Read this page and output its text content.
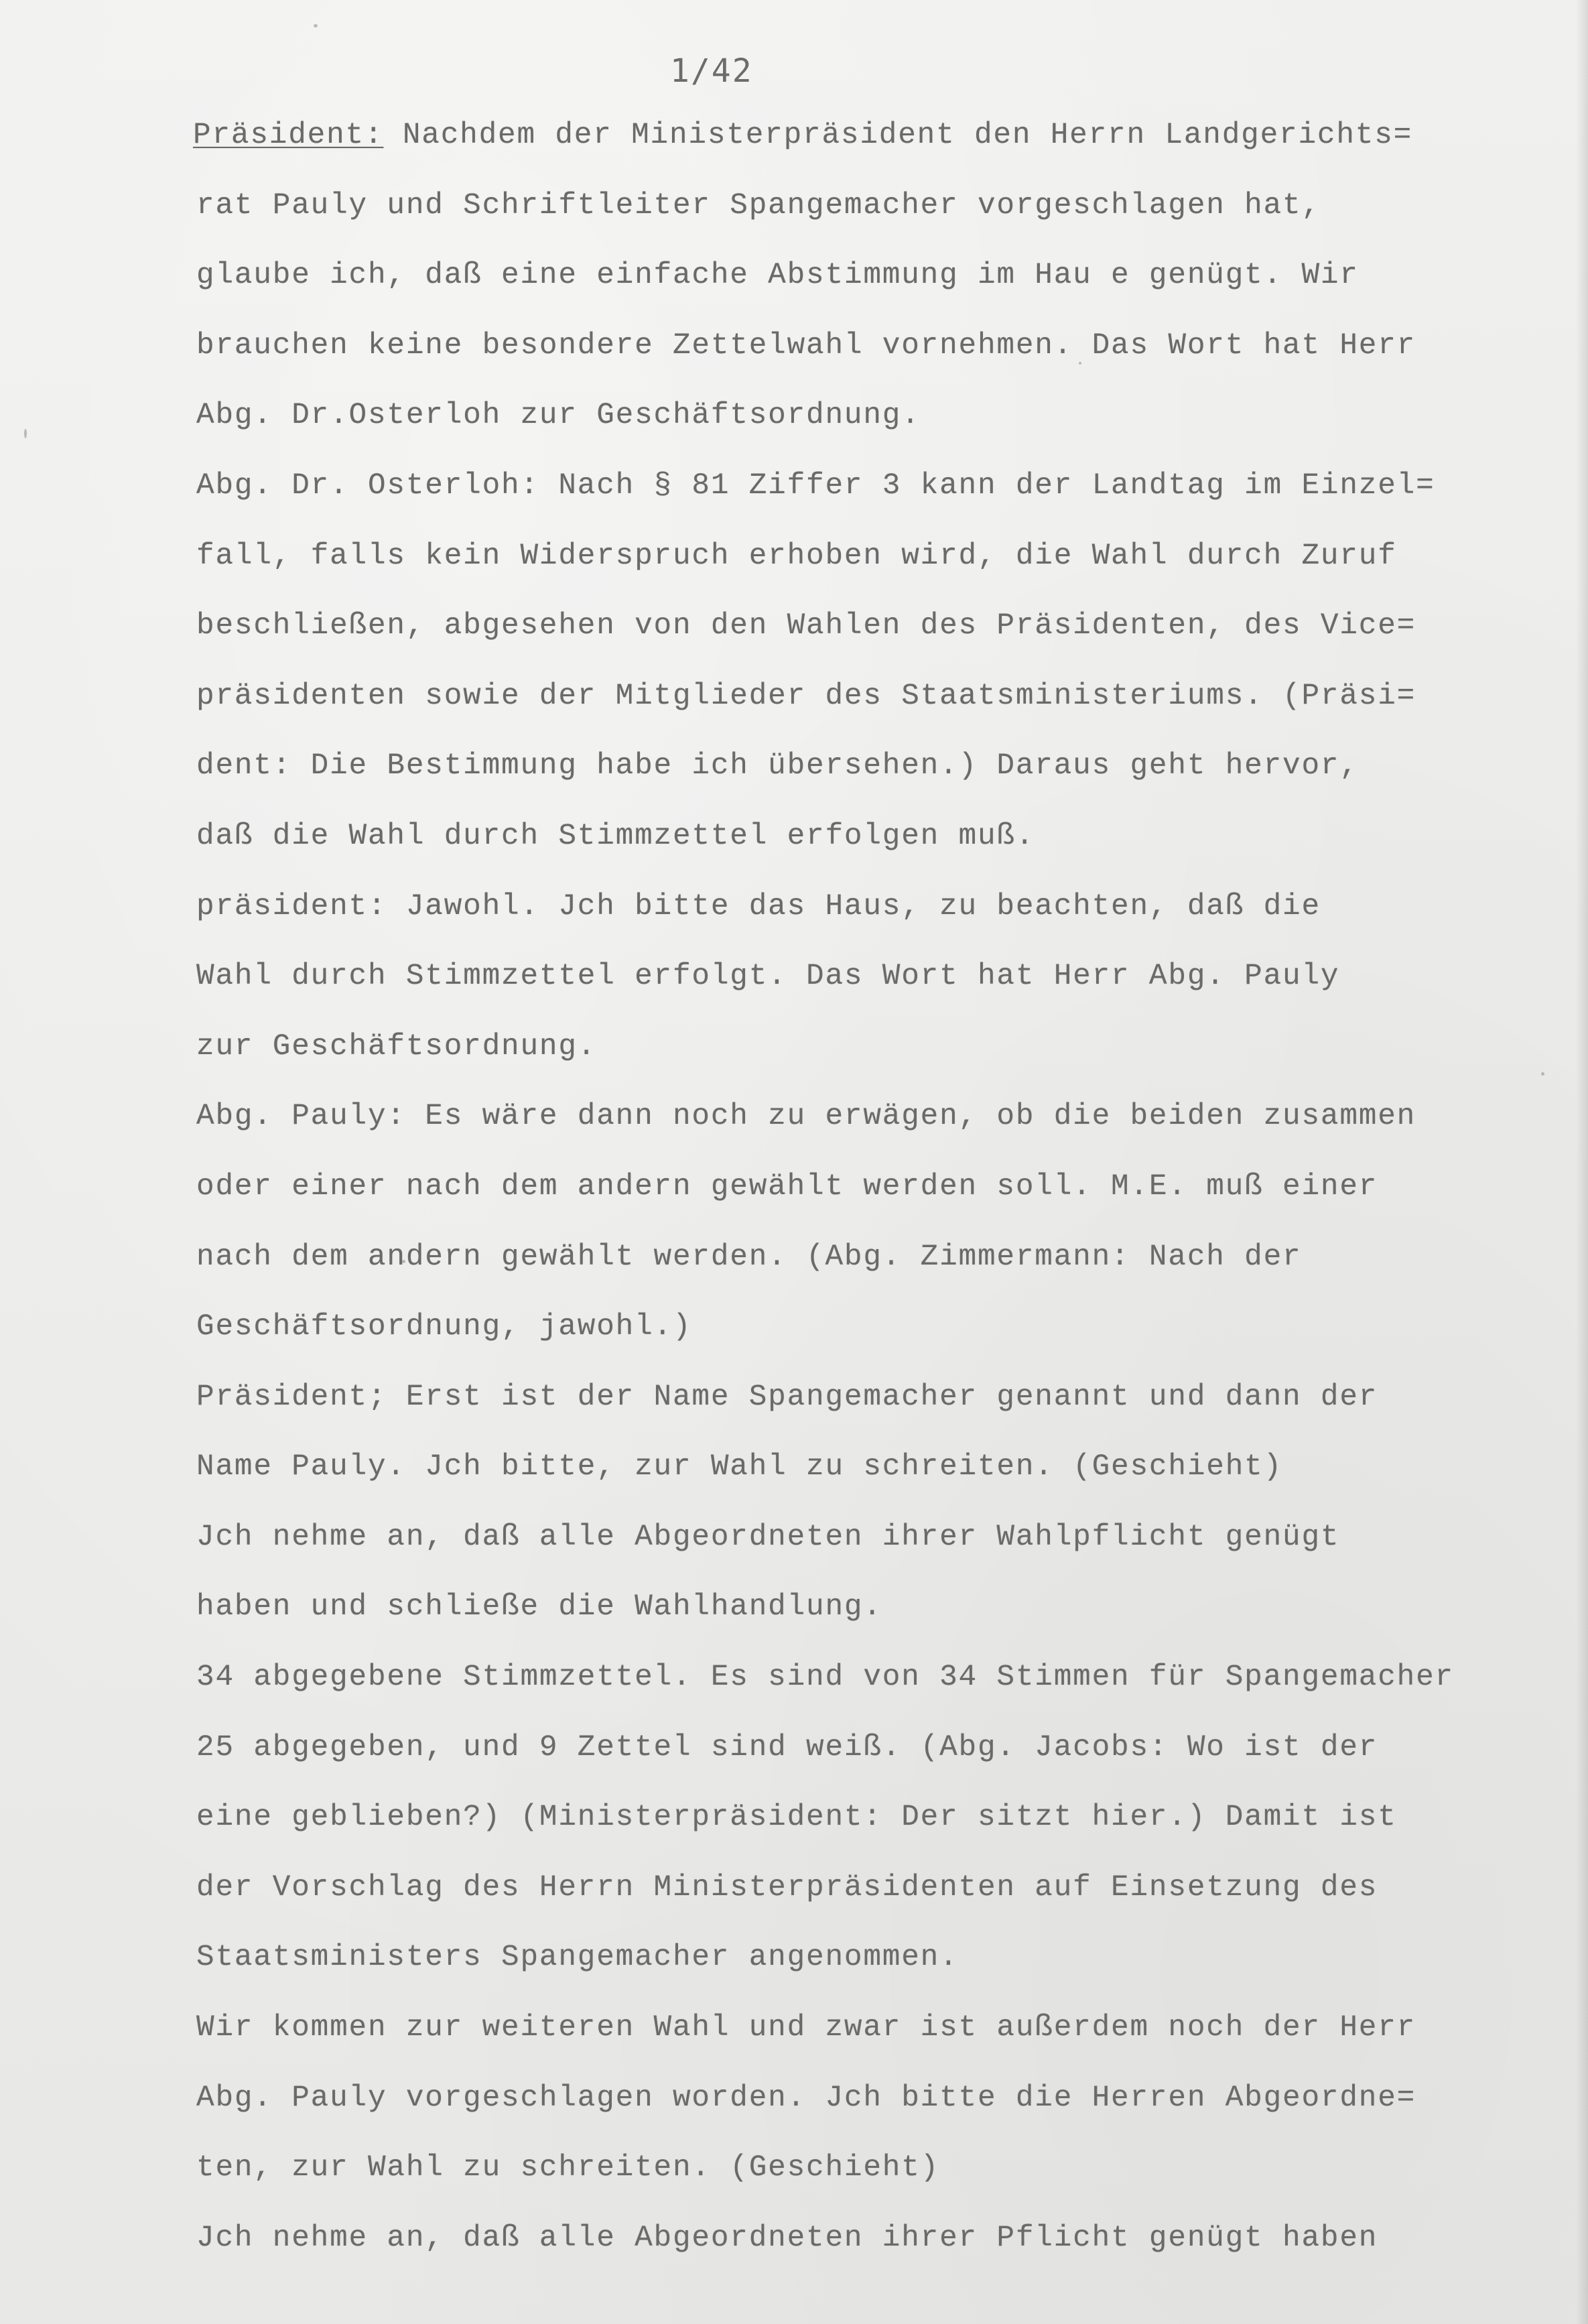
1/42
Präsident: Nachdem der Ministerpräsident den Herrn Landgerichts=
rat Pauly und Schriftleiter Spangemacher vorgeschlagen hat,
glaube ich, daß eine einfache Abstimmung im Hau e genügt. Wir
brauchen keine besondere Zettelwahl vornehmen. Das Wort hat Herr
Abg. Dr.Osterloh zur Geschäftsordnung.
Abg. Dr. Osterloh: Nach § 81 Ziffer 3 kann der Landtag im Einzel=
fall, falls kein Widerspruch erhoben wird, die Wahl durch Zuruf
beschließen, abgesehen von den Wahlen des Präsidenten, des Vice=
präsidenten sowie der Mitglieder des Staatsministeriums. (Präsi=
dent: Die Bestimmung habe ich übersehen.) Daraus geht hervor,
daß die Wahl durch Stimmzettel erfolgen muß.
präsident: Jawohl. Jch bitte das Haus, zu beachten, daß die
Wahl durch Stimmzettel erfolgt. Das Wort hat Herr Abg. Pauly
zur Geschäftsordnung.
Abg. Pauly: Es wäre dann noch zu erwägen, ob die beiden zusammen
oder einer nach dem andern gewählt werden soll. M.E. muß einer
nach dem andern gewählt werden. (Abg. Zimmermann: Nach der
Geschäftsordnung, jawohl.)
Präsident; Erst ist der Name Spangemacher genannt und dann der
Name Pauly. Jch bitte, zur Wahl zu schreiten. (Geschieht)
Jch nehme an, daß alle Abgeordneten ihrer Wahlpflicht genügt
haben und schließe die Wahlhandlung.
34 abgegebene Stimmzettel. Es sind von 34 Stimmen für Spangemacher
25 abgegeben, und 9 Zettel sind weiß. (Abg. Jacobs: Wo ist der
eine geblieben?) (Ministerpräsident: Der sitzt hier.) Damit ist
der Vorschlag des Herrn Ministerpräsidenten auf Einsetzung des
Staatsministers Spangemacher angenommen.
Wir kommen zur weiteren Wahl und zwar ist außerdem noch der Herr
Abg. Pauly vorgeschlagen worden. Jch bitte die Herren Abgeordne=
ten, zur Wahl zu schreiten. (Geschieht)
Jch nehme an, daß alle Abgeordneten ihrer Pflicht genügt haben
